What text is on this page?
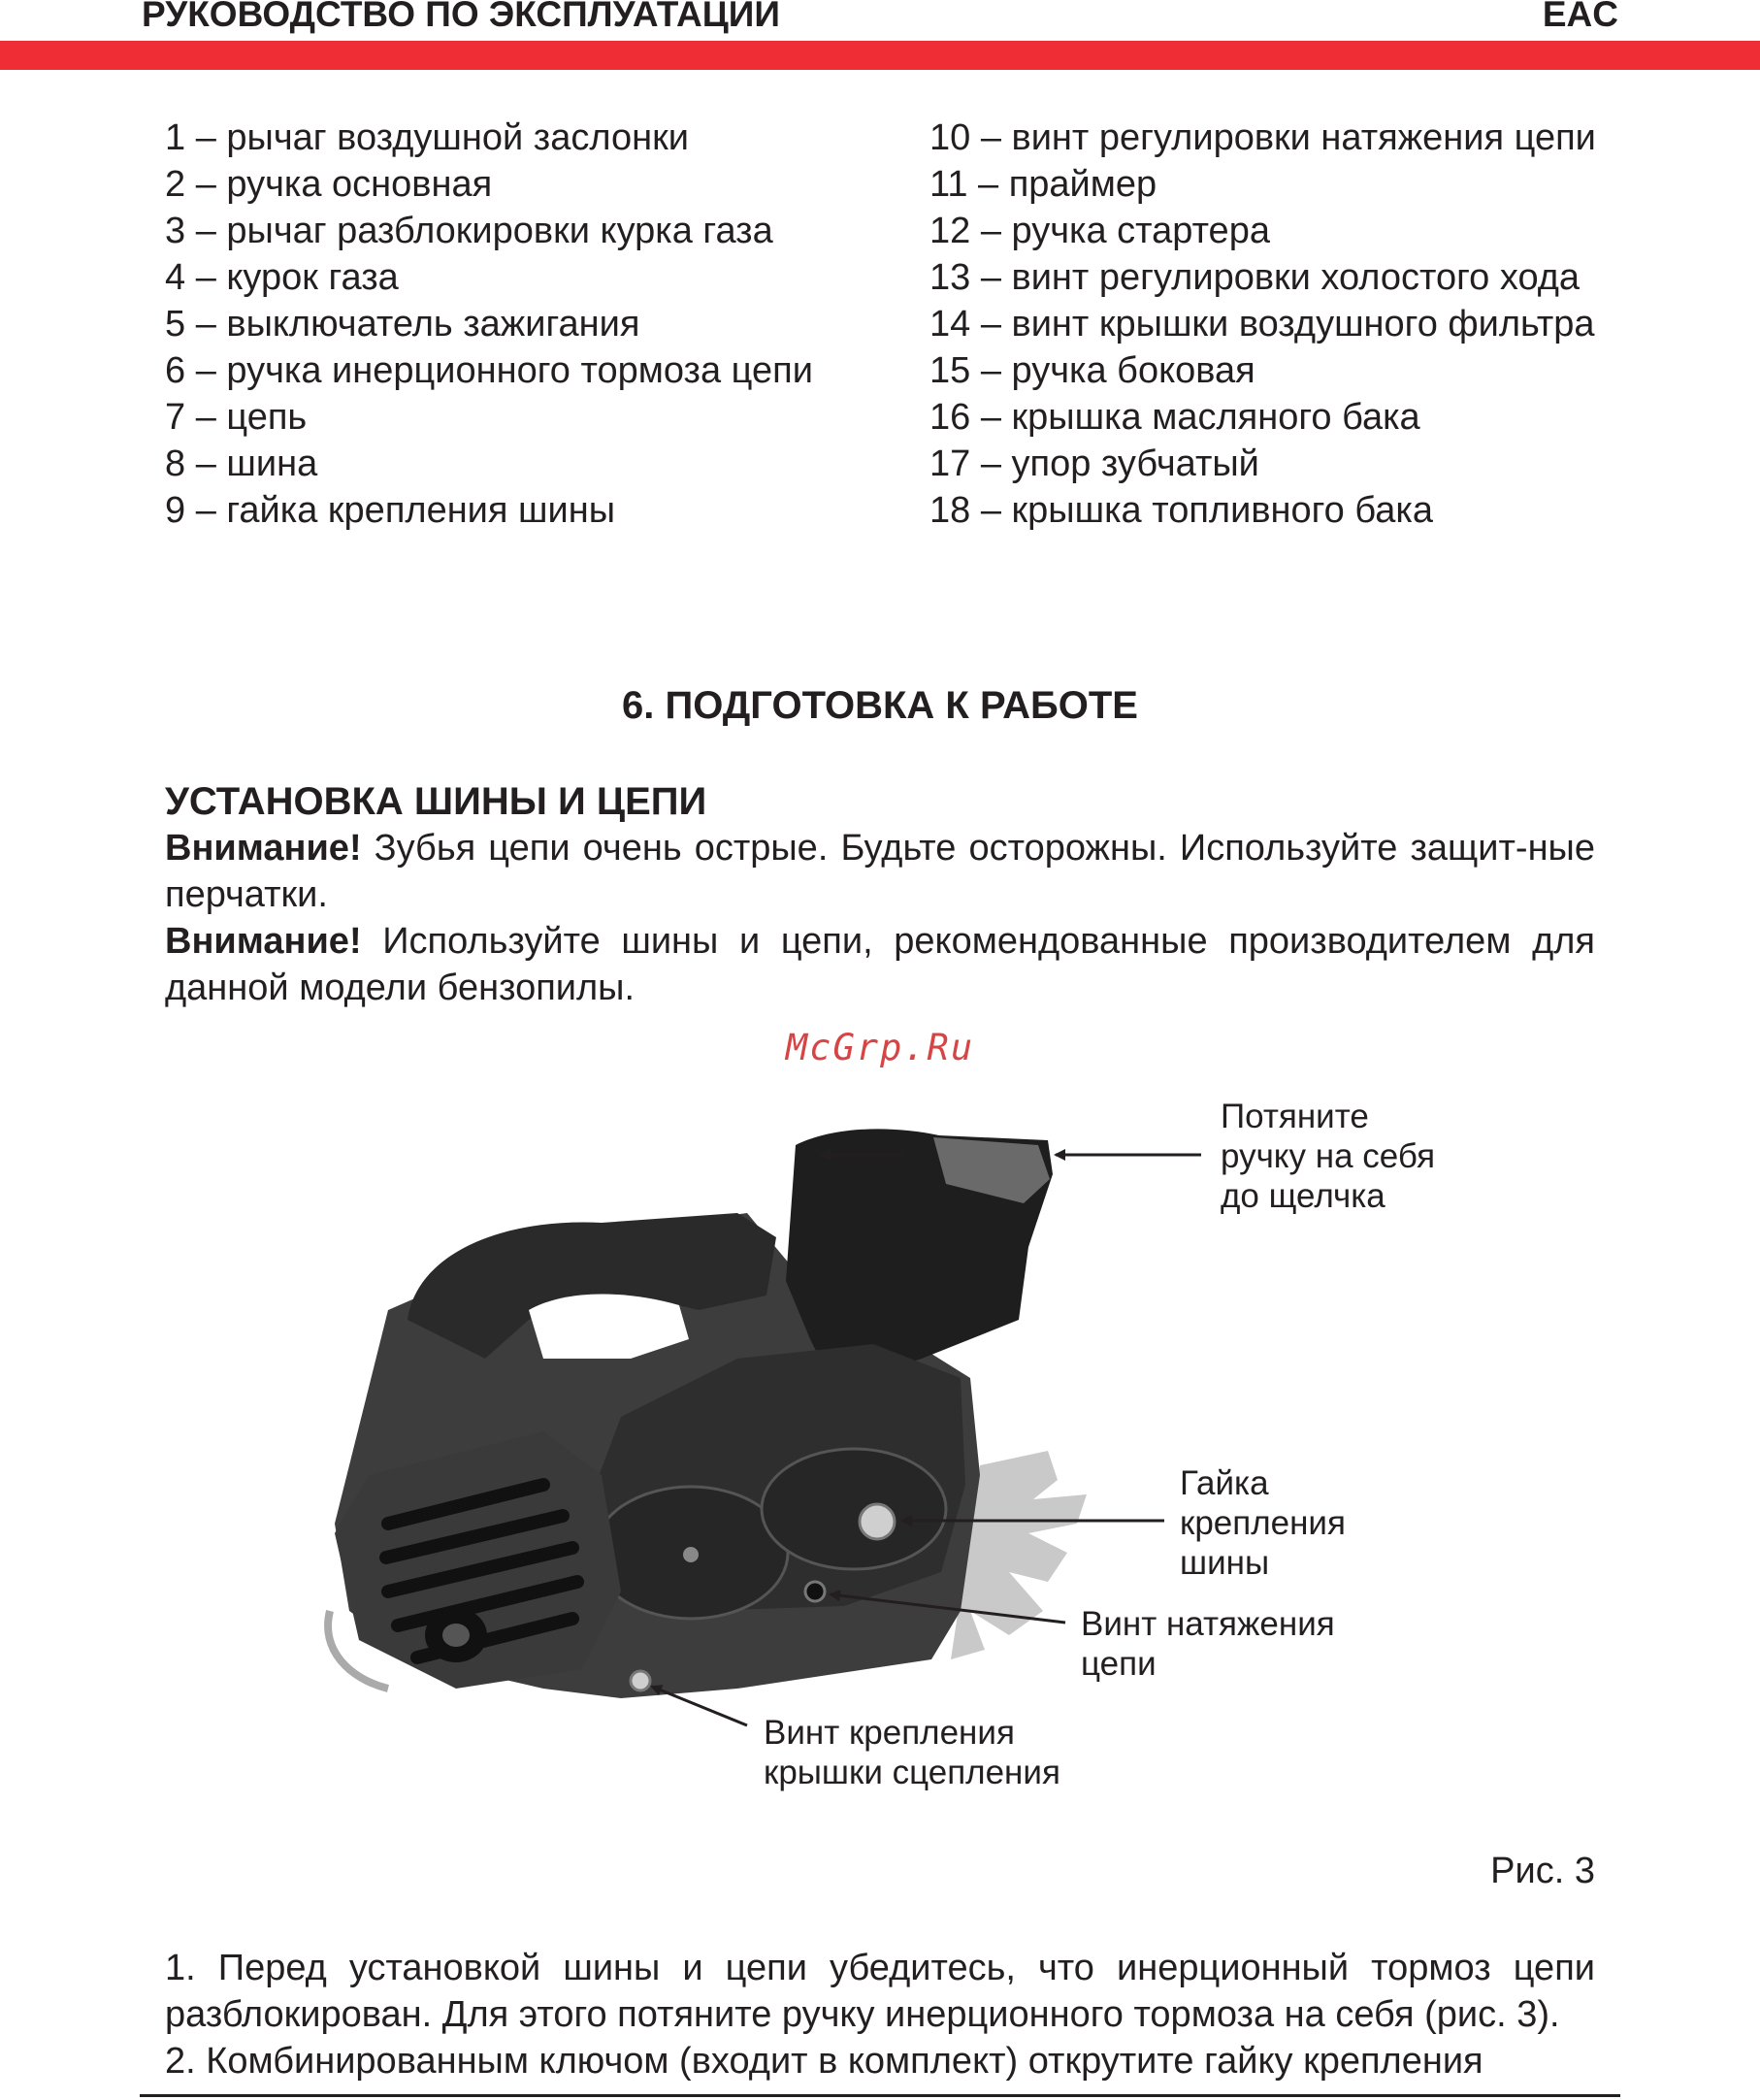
РУКОВОДСТВО ПО ЭКСПЛУАТАЦИИ	EAC
1 – рычаг воздушной заслонки
2 – ручка основная
3 – рычаг разблокировки курка газа
4 – курок газа
5 – выключатель зажигания
6 – ручка инерционного тормоза цепи
7 – цепь
8 – шина
9 – гайка крепления шины
10 – винт регулировки натяжения цепи
11 – праймер
12 – ручка стартера
13 – винт регулировки холостого хода
14 – винт крышки воздушного фильтра
15 – ручка боковая
16 – крышка масляного бака
17 – упор зубчатый
18 – крышка топливного бака
6. ПОДГОТОВКА К РАБОТЕ
УСТАНОВКА ШИНЫ И ЦЕПИ
Внимание! Зубья цепи очень острые. Будьте осторожны. Используйте защит-ные перчатки.
Внимание! Используйте шины и цепи, рекомендованные производителем для данной модели бензопилы.
McGrp.Ru
Потяните
ручку на себя
до щелчка
Гайка
крепления
шины
Винт натяжения
цепи
Винт крепления
крышки сцепления
Рис. 3
1. Перед установкой шины и цепи убедитесь, что инерционный тормоз цепи разблокирован. Для этого потяните ручку инерционного тормоза на себя (рис. 3).
2. Комбинированным ключом (входит в комплект) открутите гайку крепления
